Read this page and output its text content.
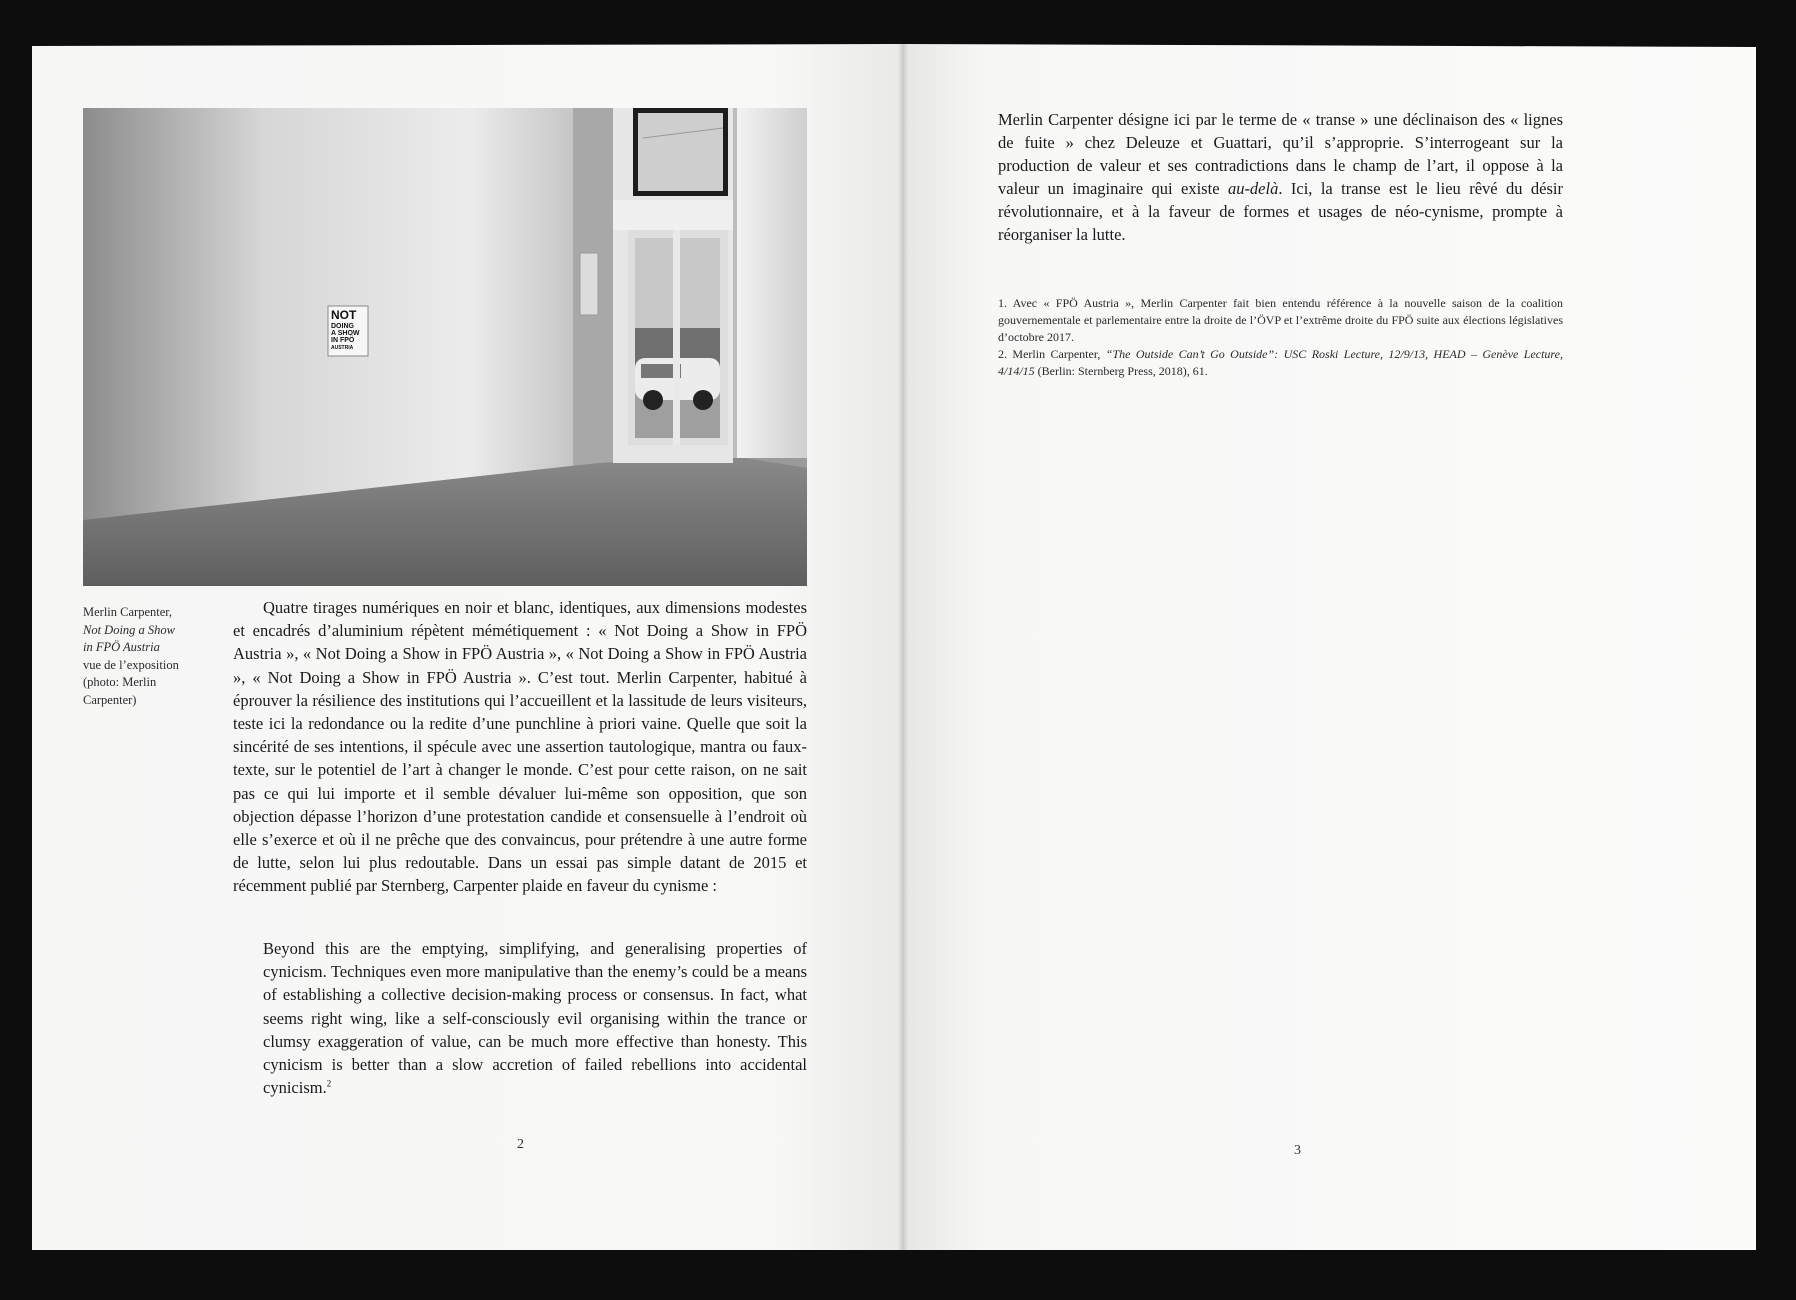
NOT
DOING
A SHOW
IN FPÖ
AUSTRIA
Merlin Carpenter,
Not Doing a Show
in FPÖ Austria
vue de l’exposition
(photo: Merlin
Carpenter)

Quatre tirages numériques en noir et blanc, identiques, aux dimensions modestes et encadrés d’aluminium répètent mémétiquement : « Not Doing a Show in FPÖ Austria », « Not Doing a Show in FPÖ Austria », « Not Doing a Show in FPÖ Austria », « Not Doing a Show in FPÖ Austria ». C’est tout. Merlin Carpenter, habitué à éprouver la résilience des institutions qui l’accueillent et la lassitude de leurs visiteurs, teste ici la redondance ou la redite d’une punchline à priori vaine. Quelle que soit la sincérité de ses intentions, il spécule avec une assertion tautologique, mantra ou faux-texte, sur le potentiel de l’art à changer le monde. C’est pour cette raison, on ne sait pas ce qui lui importe et il semble dévaluer lui-même son opposition, que son objection dépasse l’horizon d’une protestation candide et consensuelle à l’endroit où elle s’exerce et où il ne prêche que des convaincus, pour prétendre à une autre forme de lutte, selon lui plus redoutable. Dans un essai pas simple datant de 2015 et récemment publié par Sternberg, Carpenter plaide en faveur du cynisme :

Beyond this are the emptying, simplifying, and generalising properties of cynicism. Techniques even more manipulative than the enemy’s could be a means of establishing a collective decision-making process or consensus. In fact, what seems right wing, like a self-consciously evil organising within the trance or clumsy exaggeration of value, can be much more effective than honesty. This cynicism is better than a slow accretion of failed rebellions into accidental cynicism.$^2$

2

Merlin Carpenter désigne ici par le terme de « transe » une déclinaison des « lignes de fuite » chez Deleuze et Guattari, qu’il s’approprie. S’interrogeant sur la production de valeur et ses contradictions dans le champ de l’art, il oppose à la valeur un imaginaire qui existe au-delà. Ici, la transe est le lieu rêvé du désir révolutionnaire, et à la faveur de formes et usages de néo-cynisme, prompte à réorganiser la lutte.

1. Avec « FPÖ Austria », Merlin Carpenter fait bien entendu référence à la nouvelle saison de la coalition gouvernementale et parlementaire entre la droite de l’ÖVP et l’extrême droite du FPÖ suite aux élections législatives d’octobre 2017.

2. Merlin Carpenter, “The Outside Can’t Go Outside”: USC Roski Lecture, 12/9/13, HEAD – Genève Lecture, 4/14/15 (Berlin: Sternberg Press, 2018), 61.

3
